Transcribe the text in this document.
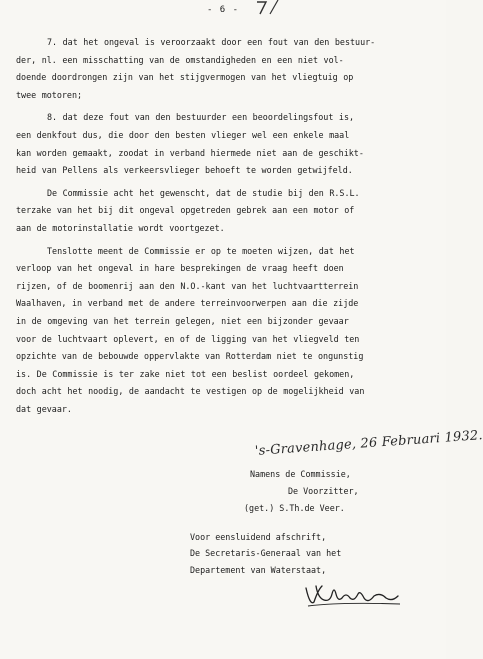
- 6 -
7. dat het ongeval is veroorzaakt door een fout van den bestuur-
der, nl. een misschatting van de omstandigheden en een niet vol-
doende doordrongen zijn van het stijgvermogen van het vliegtuig op
twee motoren;
8. dat deze fout van den bestuurder een beoordelingsfout is,
een denkfout dus, die door den besten vlieger wel een enkele maal
kan worden gemaakt, zoodat in verband hiermede niet aan de geschikt-
heid van Pellens als verkeersvlieger behoeft te worden getwijfeld.
De Commissie acht het gewenscht, dat de studie bij den R.S.L.
terzake van het bij dit ongeval opgetreden gebrek aan een motor of
aan de motorinstallatie wordt voortgezet.
Tenslotte meent de Commissie er op te moeten wijzen, dat het
verloop van het ongeval in hare besprekingen de vraag heeft doen
rijzen, of de boomenrij aan den N.O.-kant van het luchtvaartterrein
Waalhaven, in verband met de andere terreinvoorwerpen aan die zijde
in de omgeving van het terrein gelegen, niet een bijzonder gevaar
voor de luchtvaart oplevert, en of de ligging van het vliegveld ten
opzichte van de bebouwde oppervlakte van Rotterdam niet te ongunstig
is. De Commissie is ter zake niet tot een beslist oordeel gekomen,
doch acht het noodig, de aandacht te vestigen op de mogelijkheid van
dat gevaar.
's-Gravenhage, 26 Februari 1932.
Namens de Commissie,
De Voorzitter,
(get.) S.Th.de Veer.
Voor eensluidend afschrift,
De Secretaris-Generaal van het
Departement van Waterstaat,
